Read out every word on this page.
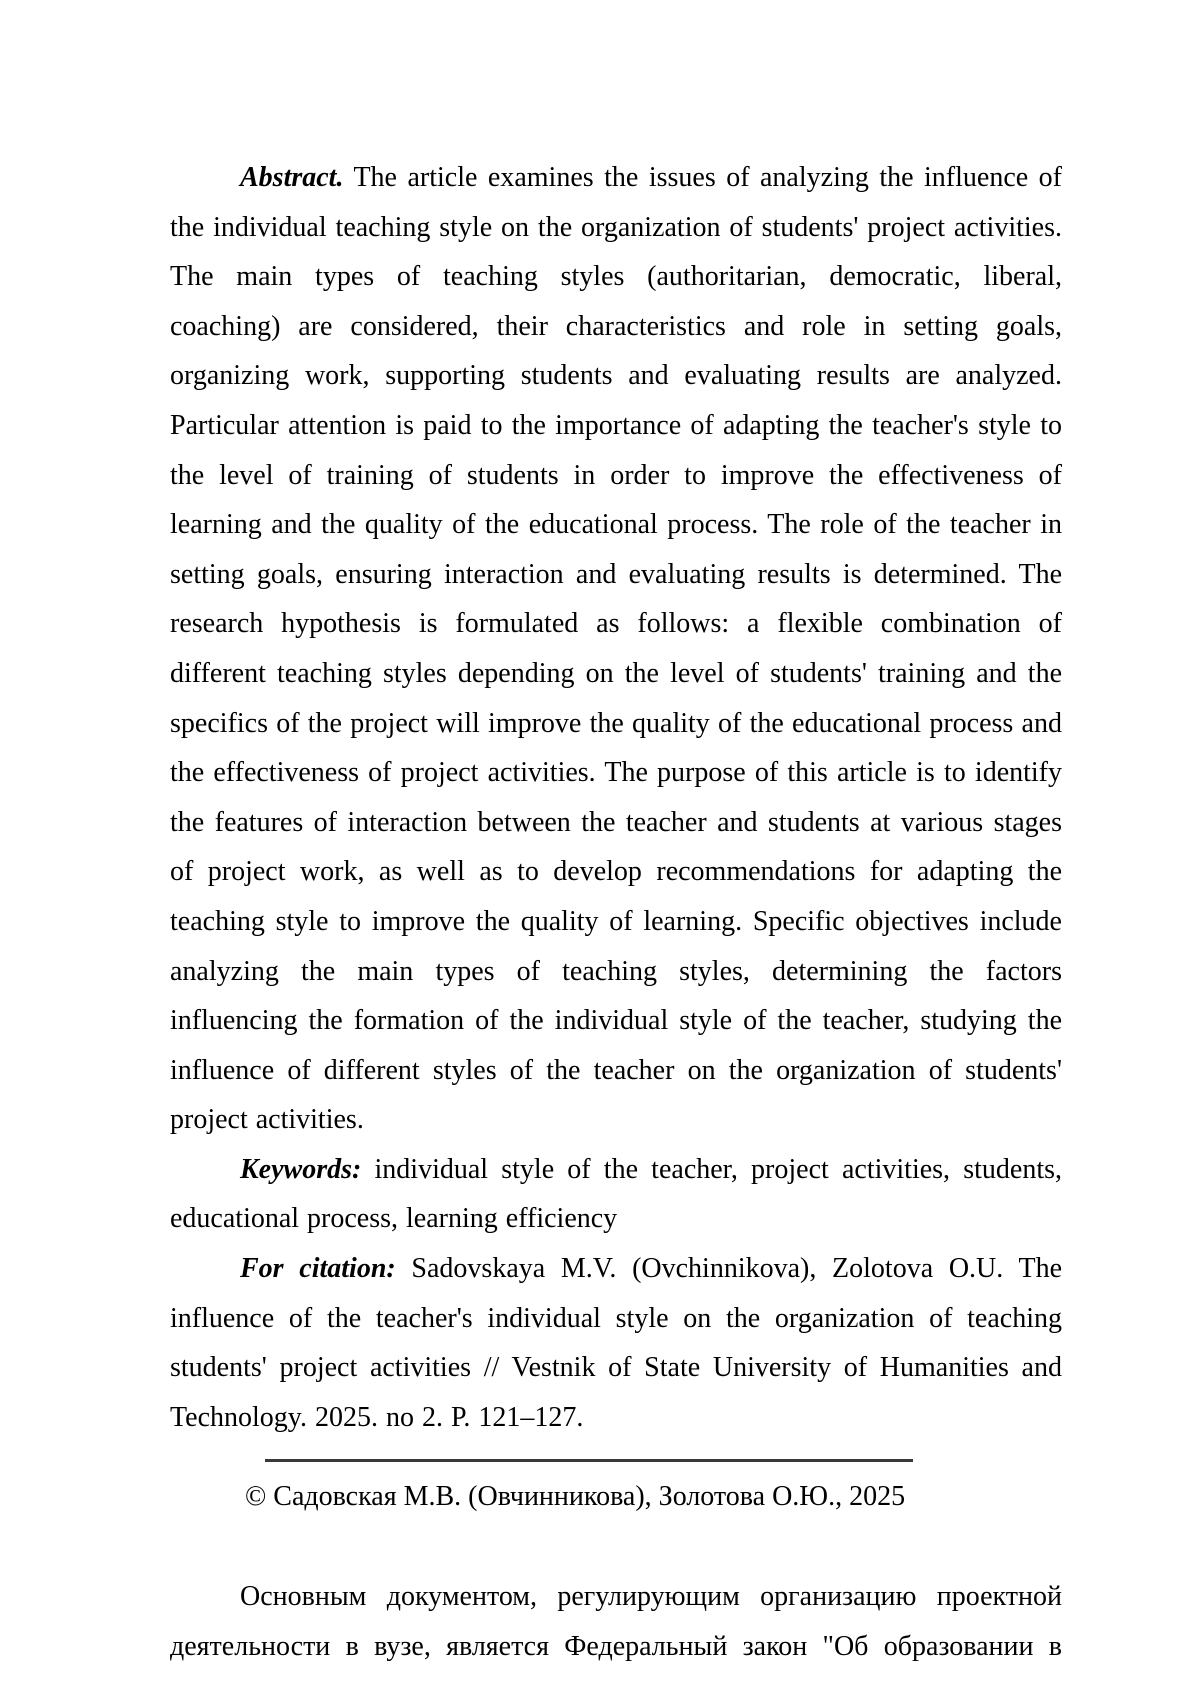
Abstract. The article examines the issues of analyzing the influence of the individual teaching style on the organization of students' project activities. The main types of teaching styles (authoritarian, democratic, liberal, coaching) are considered, their characteristics and role in setting goals, organizing work, supporting students and evaluating results are analyzed. Particular attention is paid to the importance of adapting the teacher's style to the level of training of students in order to improve the effectiveness of learning and the quality of the educational process. The role of the teacher in setting goals, ensuring interaction and evaluating results is determined. The research hypothesis is formulated as follows: a flexible combination of different teaching styles depending on the level of students' training and the specifics of the project will improve the quality of the educational process and the effectiveness of project activities. The purpose of this article is to identify the features of interaction between the teacher and students at various stages of project work, as well as to develop recommendations for adapting the teaching style to improve the quality of learning. Specific objectives include analyzing the main types of teaching styles, determining the factors influencing the formation of the individual style of the teacher, studying the influence of different styles of the teacher on the organization of students' project activities.

Keywords: individual style of the teacher, project activities, students, educational process, learning efficiency

For citation: Sadovskaya M.V. (Ovchinnikova), Zolotova O.U. The influence of the teacher's individual style on the organization of teaching students' project activities // Vestnik of State University of Humanities and Technology. 2025. no 2. P. 121–127.

© Садовская М.В. (Овчинникова), Золотова О.Ю., 2025

Основным документом, регулирующим организацию проектной деятельности в вузе, является Федеральный закон "Об образовании в
